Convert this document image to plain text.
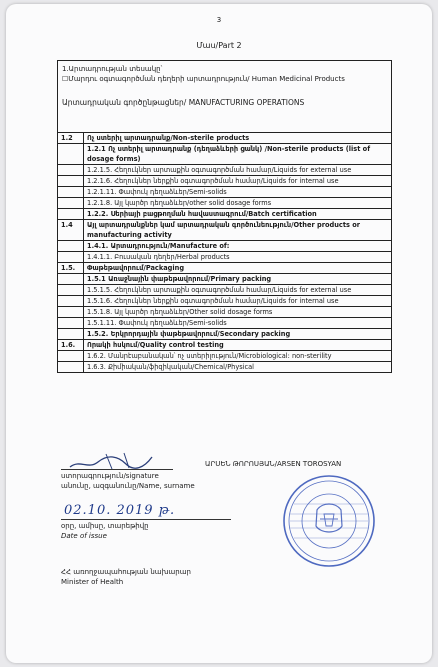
3
Մաս/Part 2
1.Արտադրության տեսակը՝
☐Մարդու օգտագործման դեղերի արտադրություն/ Human Medicinal Products
Արտադրական գործընթացներ/ MANUFACTURING OPERATIONS
1.2	Ոչ ստերիլ արտադրանք/Non-sterile products
	1.2.1 Ոչ ստերիլ արտադրանք (դեղաձևերի ցանկ) /Non-sterile products (list of dosage forms)
	1.2.1.5. Հեղուկներ արտաքին օգտագործման համար/Liquids for external use
	1.2.1.6. Հեղուկներ ներքին օգտագործման համար/Liquids for internal use
	1.2.1.11. Փափուկ դեղաձևեր/Semi-solids
	1.2.1.8. Այլ կարծր դեղաձևեր/other solid dosage forms
	1.2.2. Սերիայի բացթողման հավաստագրում/Batch certification
1.4	Այլ արտադրանքներ կամ արտադրական գործունեություն/Other products or manufacturing activity
	1.4.1. Արտադրություն/Manufacture of:
	1.4.1.1. Բուսական դեղեր/Herbal products
1.5.	Փաթեթավորում/Packaging
	1.5.1 Առաջնային փաթեթավորում/Primary packing
	1.5.1.5. Հեղուկներ արտաքին օգտագործման համար/Liquids for external use
	1.5.1.6. Հեղուկներ ներքին օգտագործման համար/Liquids for internal use
	1.5.1.8. Այլ կարծր դեղաձևեր/Other solid dosage forms
	1.5.1.11. Փափուկ դեղաձևեր/Semi-solids
	1.5.2. Երկրորդային փաթեթավորում/Secondary packing
1.6.	Որակի հսկում/Quality control testing
	1.6.2. Մանրէաբանական՝ ոչ ստերիլություն/Microbiological: non-sterility
	1.6.3. Քիմիական/ֆիզիկական/Chemical/Physical
ՀՀ առողջապահության նախարար
Minister of Health
ԱՐՍԵՆ ԹՈՐՈՍՅԱՆ/ARSEN TOROSYAN
ստորագրություն/signature
անունը, ազգանունը/Name, surname
02.10. 2019 թ.
օրը, ամիսը, տարեթիվը
Date of issue
